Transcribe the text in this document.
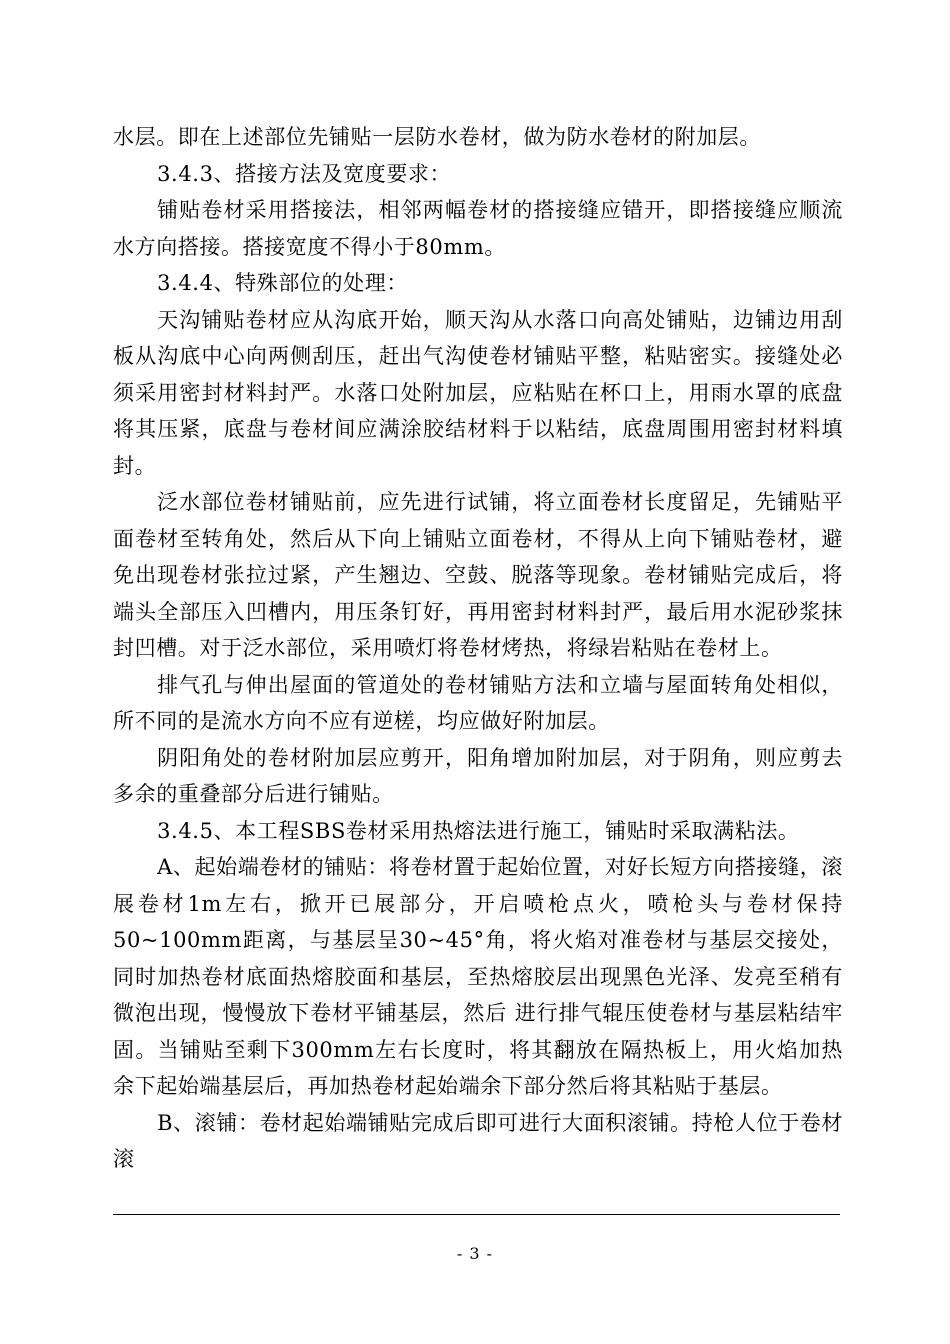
水层。即在上述部位先铺贴一层防水卷材，做为防水卷材的附加层。

3.4.3、搭接方法及宽度要求：

铺贴卷材采用搭接法，相邻两幅卷材的搭接缝应错开，即搭接缝应顺流水方向搭接。搭接宽度不得小于80mm。

3.4.4、特殊部位的处理：

天沟铺贴卷材应从沟底开始，顺天沟从水落口向高处铺贴，边铺边用刮板从沟底中心向两侧刮压，赶出气沟使卷材铺贴平整，粘贴密实。接缝处必须采用密封材料封严。水落口处附加层，应粘贴在杯口上，用雨水罩的底盘将其压紧，底盘与卷材间应满涂胶结材料于以粘结，底盘周围用密封材料填封。

泛水部位卷材铺贴前，应先进行试铺，将立面卷材长度留足，先铺贴平面卷材至转角处，然后从下向上铺贴立面卷材，不得从上向下铺贴卷材，避免出现卷材张拉过紧，产生翘边、空鼓、脱落等现象。卷材铺贴完成后，将端头全部压入凹槽内，用压条钉好，再用密封材料封严，最后用水泥砂浆抹封凹槽。对于泛水部位，采用喷灯将卷材烤热，将绿岩粘贴在卷材上。

排气孔与伸出屋面的管道处的卷材铺贴方法和立墙与屋面转角处相似，所不同的是流水方向不应有逆槎，均应做好附加层。

阴阳角处的卷材附加层应剪开，阳角增加附加层，对于阴角，则应剪去多余的重叠部分后进行铺贴。

3.4.5、本工程SBS卷材采用热熔法进行施工，铺贴时采取满粘法。

A、起始端卷材的铺贴：将卷材置于起始位置，对好长短方向搭接缝，滚展卷材1m左右，掀开已展部分，开启喷枪点火，喷枪头与卷材保持50~100mm距离，与基层呈30~45°角，将火焰对准卷材与基层交接处，同时加热卷材底面热熔胶面和基层，至热熔胶层出现黑色光泽、发亮至稍有微泡出现，慢慢放下卷材平铺基层，然后 进行排气辊压使卷材与基层粘结牢固。当铺贴至剩下300mm左右长度时，将其翻放在隔热板上，用火焰加热余下起始端基层后，再加热卷材起始端余下部分然后将其粘贴于基层。

B、滚铺：卷材起始端铺贴完成后即可进行大面积滚铺。持枪人位于卷材滚

- 3 -
